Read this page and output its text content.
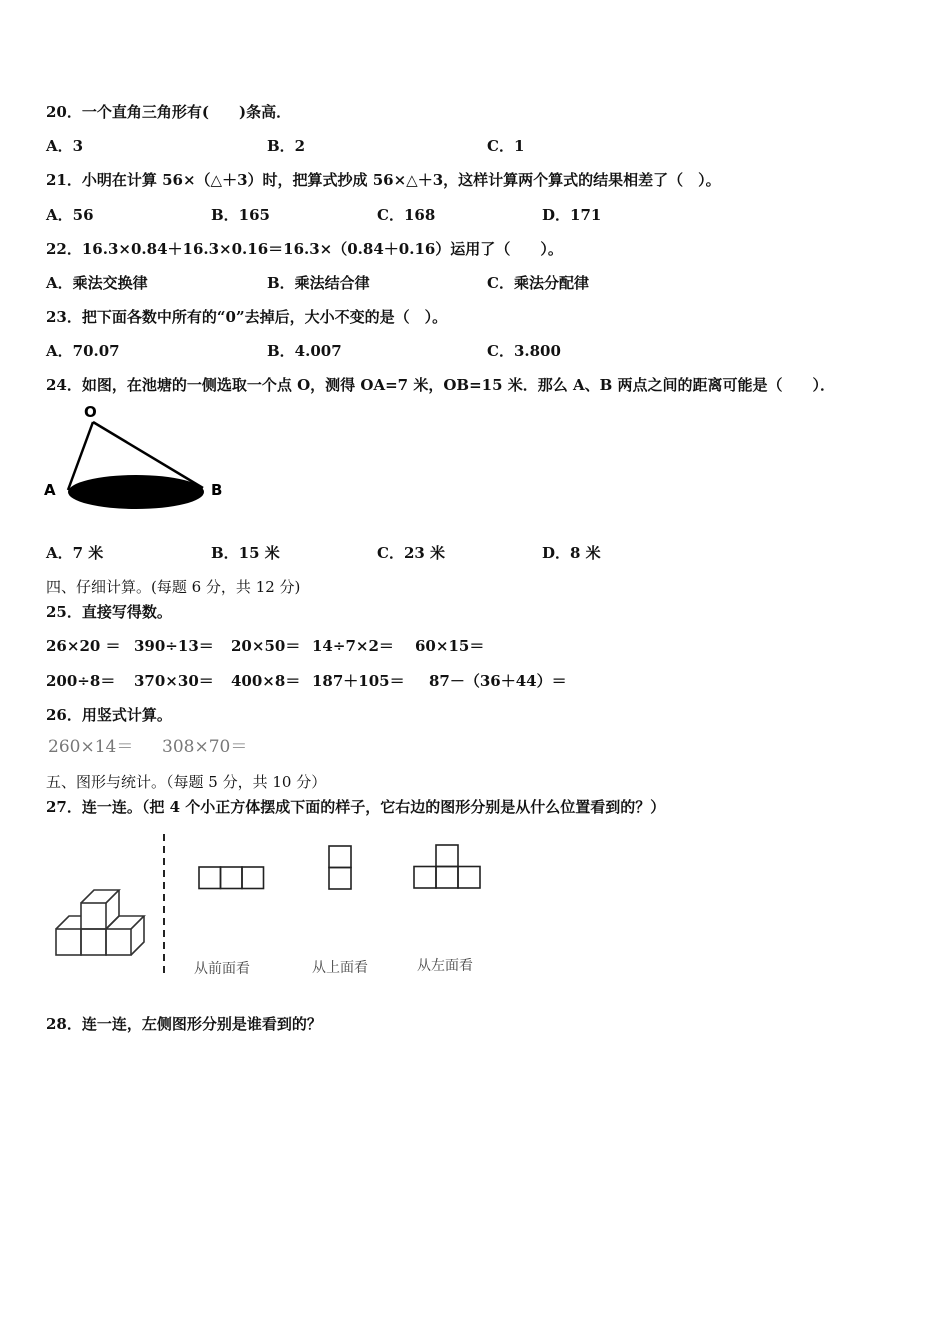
20．一个直角三角形有(　　)条高．
A．3	B．2	C．1
21．小明在计算 56×（△＋3）时，把算式抄成 56×△＋3，这样计算两个算式的结果相差了（　）。
A．56	B．165	C．168	D．171
22．16.3×0.84＋16.3×0.16＝16.3×（0.84＋0.16）运用了（　　）。
A．乘法交换律	B．乘法结合律	C．乘法分配律
23．把下面各数中所有的“0”去掉后，大小不变的是（　）。
A．70.07	B．4.007	C．3.800
24．如图，在池塘的一侧选取一个点 O，测得 OA=7 米，OB=15 米．那么 A、B 两点之间的距离可能是（　　）．
O
A	B
A．7 米	B．15 米	C．23 米	D．8 米
四、仔细计算。(每题 6 分，共 12 分)
25．直接写得数。
26×20 ＝ 390÷13＝ 20×50＝ 14÷7×2＝ 60×15＝
200÷8＝ 370×30＝ 400×8＝ 187＋105＝ 87－（36＋44）＝
26．用竖式计算。
260×14＝ 308×70＝
五、图形与统计。（每题 5 分，共 10 分）
27．连一连。（把 4 个小正方体摆成下面的样子，它右边的图形分别是从什么位置看到的？）
从前面看	从上面看	从左面看
28．连一连，左侧图形分别是谁看到的？
